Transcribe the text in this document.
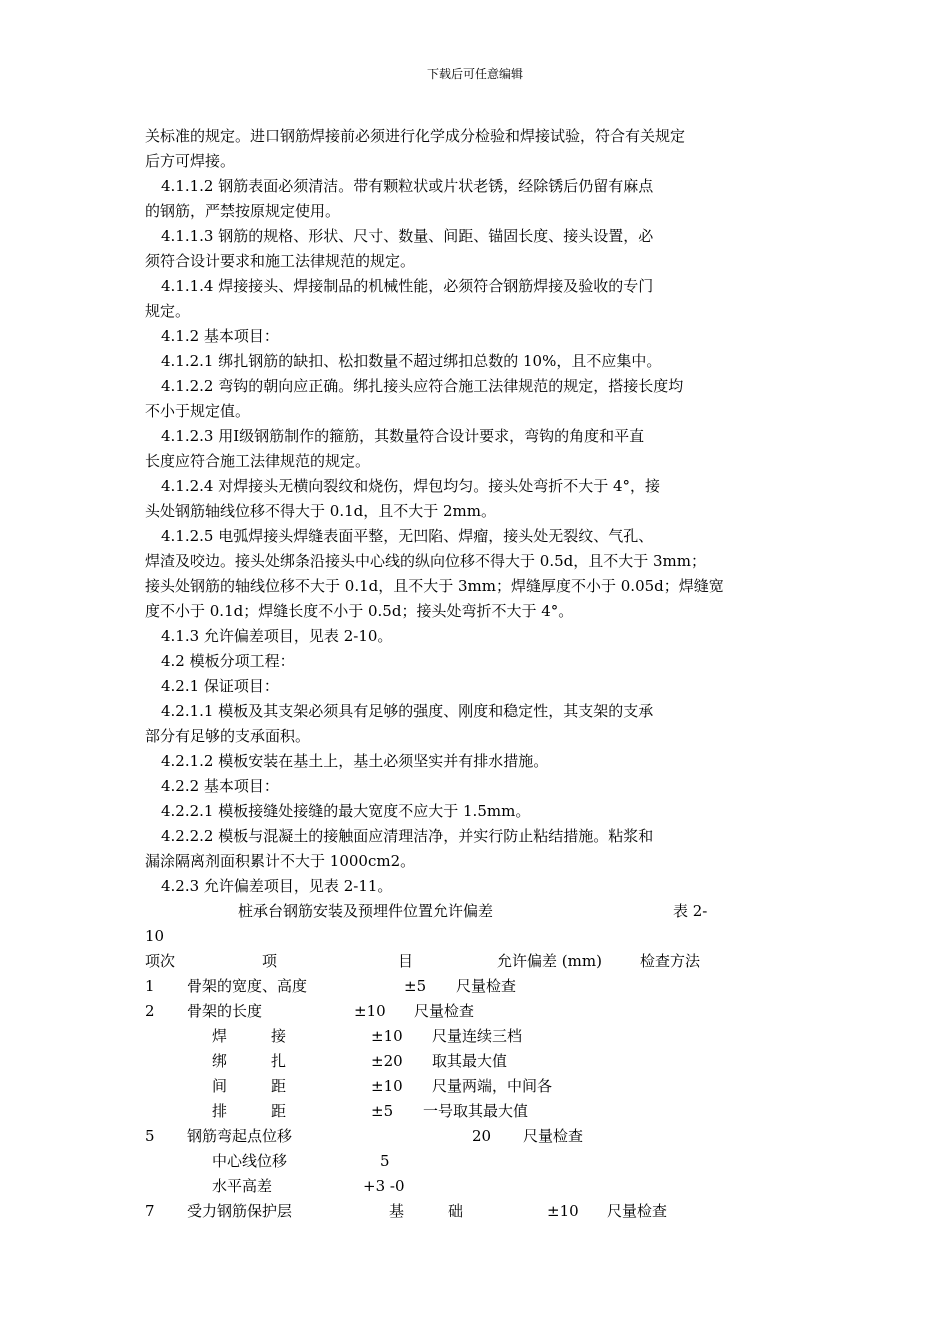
下载后可任意编辑
关标准的规定。进口钢筋焊接前必须进行化学成分检验和焊接试验，符合有关规定
后方可焊接。
4.1.1.2 钢筋表面必须清洁。带有颗粒状或片状老锈，经除锈后仍留有麻点
的钢筋，严禁按原规定使用。
4.1.1.3 钢筋的规格、形状、尺寸、数量、间距、锚固长度、接头设置，必
须符合设计要求和施工法律规范的规定。
4.1.1.4 焊接接头、焊接制品的机械性能，必须符合钢筋焊接及验收的专门
规定。
4.1.2 基本项目：
4.1.2.1 绑扎钢筋的缺扣、松扣数量不超过绑扣总数的 10%，且不应集中。
4.1.2.2 弯钩的朝向应正确。绑扎接头应符合施工法律规范的规定，搭接长度均
不小于规定值。
4.1.2.3 用Ⅰ级钢筋制作的箍筋，其数量符合设计要求，弯钩的角度和平直
长度应符合施工法律规范的规定。
4.1.2.4 对焊接头无横向裂纹和烧伤，焊包均匀。接头处弯折不大于 4°，接
头处钢筋轴线位移不得大于 0.1d，且不大于 2mm。
4.1.2.5 电弧焊接头焊缝表面平整，无凹陷、焊瘤，接头处无裂纹、气孔、
焊渣及咬边。接头处绑条沿接头中心线的纵向位移不得大于 0.5d，且不大于 3mm；
接头处钢筋的轴线位移不大于 0.1d，且不大于 3mm；焊缝厚度不小于 0.05d；焊缝宽
度不小于 0.1d；焊缝长度不小于 0.5d；接头处弯折不大于 4°。
4.1.3 允许偏差项目，见表 2-10。
4.2 模板分项工程：
4.2.1 保证项目：
4.2.1.1 模板及其支架必须具有足够的强度、刚度和稳定性，其支架的支承
部分有足够的支承面积。
4.2.1.2 模板安装在基土上，基土必须坚实并有排水措施。
4.2.2 基本项目：
4.2.2.1 模板接缝处接缝的最大宽度不应大于 1.5mm。
4.2.2.2 模板与混凝土的接触面应清理洁净，并实行防止粘结措施。粘浆和
漏涂隔离剂面积累计不大于 1000cm2。
4.2.3 允许偏差项目，见表 2-11。
桩承台钢筋安装及预埋件位置允许偏差	表 2-
10
项次	项	目	允许偏差 (mm)	检查方法
1 骨架的宽度、高度	±5 尺量检查
2 骨架的长度	±10 尺量检查
焊	接	±10 尺量连续三档
绑	扎	±20 取其最大值
间	距	±10 尺量两端，中间各
排	距	±5 一号取其最大值
5 钢筋弯起点位移	20 尺量检查
中心线位移	5
水平高差	+3 -0
7 受力钢筋保护层	基	础	±10 尺量检查
